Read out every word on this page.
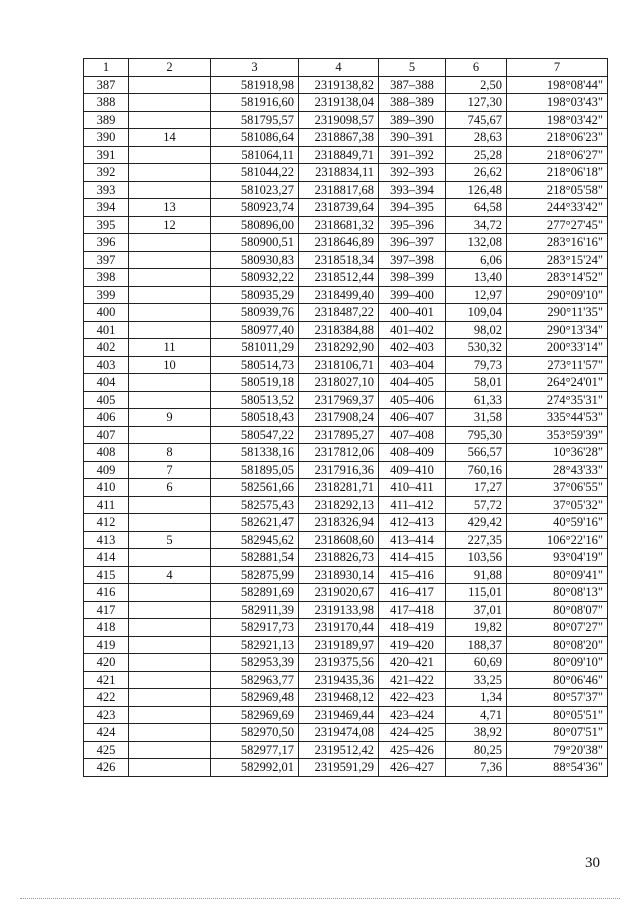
1	2	3	4	5	6	7
387		581918,98	2319138,82	387–388	2,50	198°08'44"
388		581916,60	2319138,04	388–389	127,30	198°03'43"
389		581795,57	2319098,57	389–390	745,67	198°03'42"
390	14	581086,64	2318867,38	390–391	28,63	218°06'23"
391		581064,11	2318849,71	391–392	25,28	218°06'27"
392		581044,22	2318834,11	392–393	26,62	218°06'18"
393		581023,27	2318817,68	393–394	126,48	218°05'58"
394	13	580923,74	2318739,64	394–395	64,58	244°33'42"
395	12	580896,00	2318681,32	395–396	34,72	277°27'45"
396		580900,51	2318646,89	396–397	132,08	283°16'16"
397		580930,83	2318518,34	397–398	6,06	283°15'24"
398		580932,22	2318512,44	398–399	13,40	283°14'52"
399		580935,29	2318499,40	399–400	12,97	290°09'10"
400		580939,76	2318487,22	400–401	109,04	290°11'35"
401		580977,40	2318384,88	401–402	98,02	290°13'34"
402	11	581011,29	2318292,90	402–403	530,32	200°33'14"
403	10	580514,73	2318106,71	403–404	79,73	273°11'57"
404		580519,18	2318027,10	404–405	58,01	264°24'01"
405		580513,52	2317969,37	405–406	61,33	274°35'31"
406	9	580518,43	2317908,24	406–407	31,58	335°44'53"
407		580547,22	2317895,27	407–408	795,30	353°59'39"
408	8	581338,16	2317812,06	408–409	566,57	10°36'28"
409	7	581895,05	2317916,36	409–410	760,16	28°43'33"
410	6	582561,66	2318281,71	410–411	17,27	37°06'55"
411		582575,43	2318292,13	411–412	57,72	37°05'32"
412		582621,47	2318326,94	412–413	429,42	40°59'16"
413	5	582945,62	2318608,60	413–414	227,35	106°22'16"
414		582881,54	2318826,73	414–415	103,56	93°04'19"
415	4	582875,99	2318930,14	415–416	91,88	80°09'41"
416		582891,69	2319020,67	416–417	115,01	80°08'13"
417		582911,39	2319133,98	417–418	37,01	80°08'07"
418		582917,73	2319170,44	418–419	19,82	80°07'27"
419		582921,13	2319189,97	419–420	188,37	80°08'20"
420		582953,39	2319375,56	420–421	60,69	80°09'10"
421		582963,77	2319435,36	421–422	33,25	80°06'46"
422		582969,48	2319468,12	422–423	1,34	80°57'37"
423		582969,69	2319469,44	423–424	4,71	80°05'51"
424		582970,50	2319474,08	424–425	38,92	80°07'51"
425		582977,17	2319512,42	425–426	80,25	79°20'38"
426		582992,01	2319591,29	426–427	7,36	88°54'36"
30
